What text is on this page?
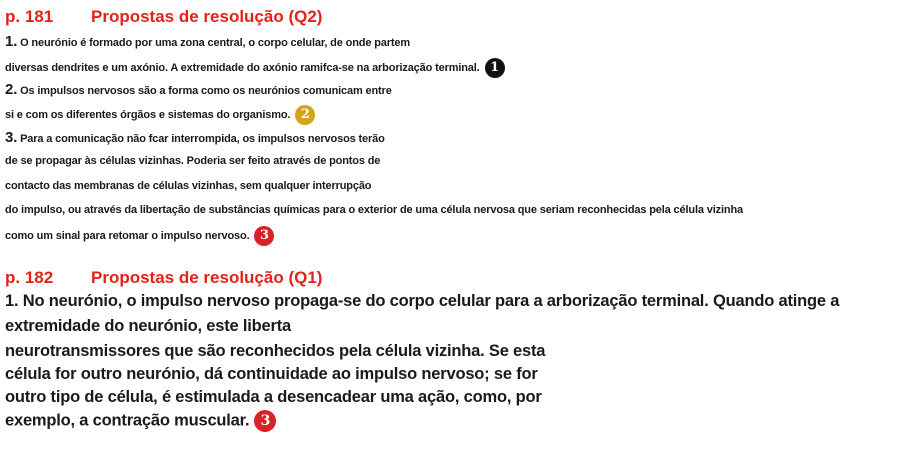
p. 181 Propostas de resolução (Q2)
1. O neurónio é formado por uma zona central, o corpo celular, de onde partem
diversas dendrites e um axónio. A extremidade do axónio ramifca-se na arborização terminal. 1
2. Os impulsos nervosos são a forma como os neurónios comunicam entre
si e com os diferentes órgãos e sistemas do organismo. 2
3. Para a comunicação não fcar interrompida, os impulsos nervosos terão
de se propagar às células vizinhas. Poderia ser feito através de pontos de
contacto das membranas de células vizinhas, sem qualquer interrupção
do impulso, ou através da libertação de substâncias químicas para o exterior de uma célula nervosa que seriam reconhecidas pela célula vizinha
como um sinal para retomar o impulso nervoso. 3
p. 182 Propostas de resolução (Q1)
1. No neurónio, o impulso nervoso propaga-se do corpo celular para a arborização terminal. Quando atinge a
extremidade do neurónio, este liberta
neurotransmissores que são reconhecidos pela célula vizinha. Se esta
célula for outro neurónio, dá continuidade ao impulso nervoso; se for
outro tipo de célula, é estimulada a desencadear uma ação, como, por
exemplo, a contração muscular. 3
